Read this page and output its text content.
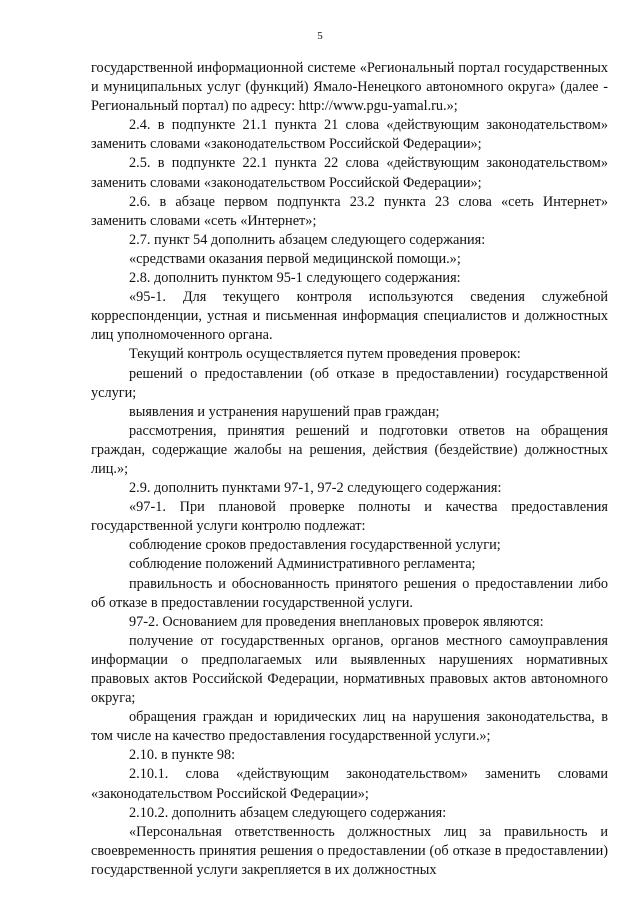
5

государственной информационной системе «Региональный портал государственных и муниципальных услуг (функций) Ямало-Ненецкого автономного округа» (далее - Региональный портал) по адресу: http://www.pgu-yamal.ru.»;

2.4. в подпункте 21.1 пункта 21 слова «действующим законодательством» заменить словами «законодательством Российской Федерации»;

2.5. в подпункте 22.1 пункта 22 слова «действующим законодательством» заменить словами «законодательством Российской Федерации»;

2.6. в абзаце первом подпункта 23.2 пункта 23 слова «сеть Интернет» заменить словами «сеть «Интернет»;

2.7. пункт 54 дополнить абзацем следующего содержания:

«средствами оказания первой медицинской помощи.»;

2.8. дополнить пунктом 95-1 следующего содержания:

«95-1. Для текущего контроля используются сведения служебной корреспонденции, устная и письменная информация специалистов и должностных лиц уполномоченного органа.

Текущий контроль осуществляется путем проведения проверок:

решений о предоставлении (об отказе в предоставлении) государственной услуги;

выявления и устранения нарушений прав граждан;

рассмотрения, принятия решений и подготовки ответов на обращения граждан, содержащие жалобы на решения, действия (бездействие) должностных лиц.»;

2.9. дополнить пунктами 97-1, 97-2 следующего содержания:

«97-1. При плановой проверке полноты и качества предоставления государственной услуги контролю подлежат:

соблюдение сроков предоставления государственной услуги;

соблюдение положений Административного регламента;

правильность и обоснованность принятого решения о предоставлении либо об отказе в предоставлении государственной услуги.

97-2. Основанием для проведения внеплановых проверок являются:

получение от государственных органов, органов местного самоуправления информации о предполагаемых или выявленных нарушениях нормативных правовых актов Российской Федерации, нормативных правовых актов автономного округа;

обращения граждан и юридических лиц на нарушения законодательства, в том числе на качество предоставления государственной услуги.»;

2.10. в пункте 98:

2.10.1. слова «действующим законодательством» заменить словами «законодательством Российской Федерации»;

2.10.2. дополнить абзацем следующего содержания:

«Персональная ответственность должностных лиц за правильность и своевременность принятия решения о предоставлении (об отказе в предоставлении) государственной услуги закрепляется в их должностных
